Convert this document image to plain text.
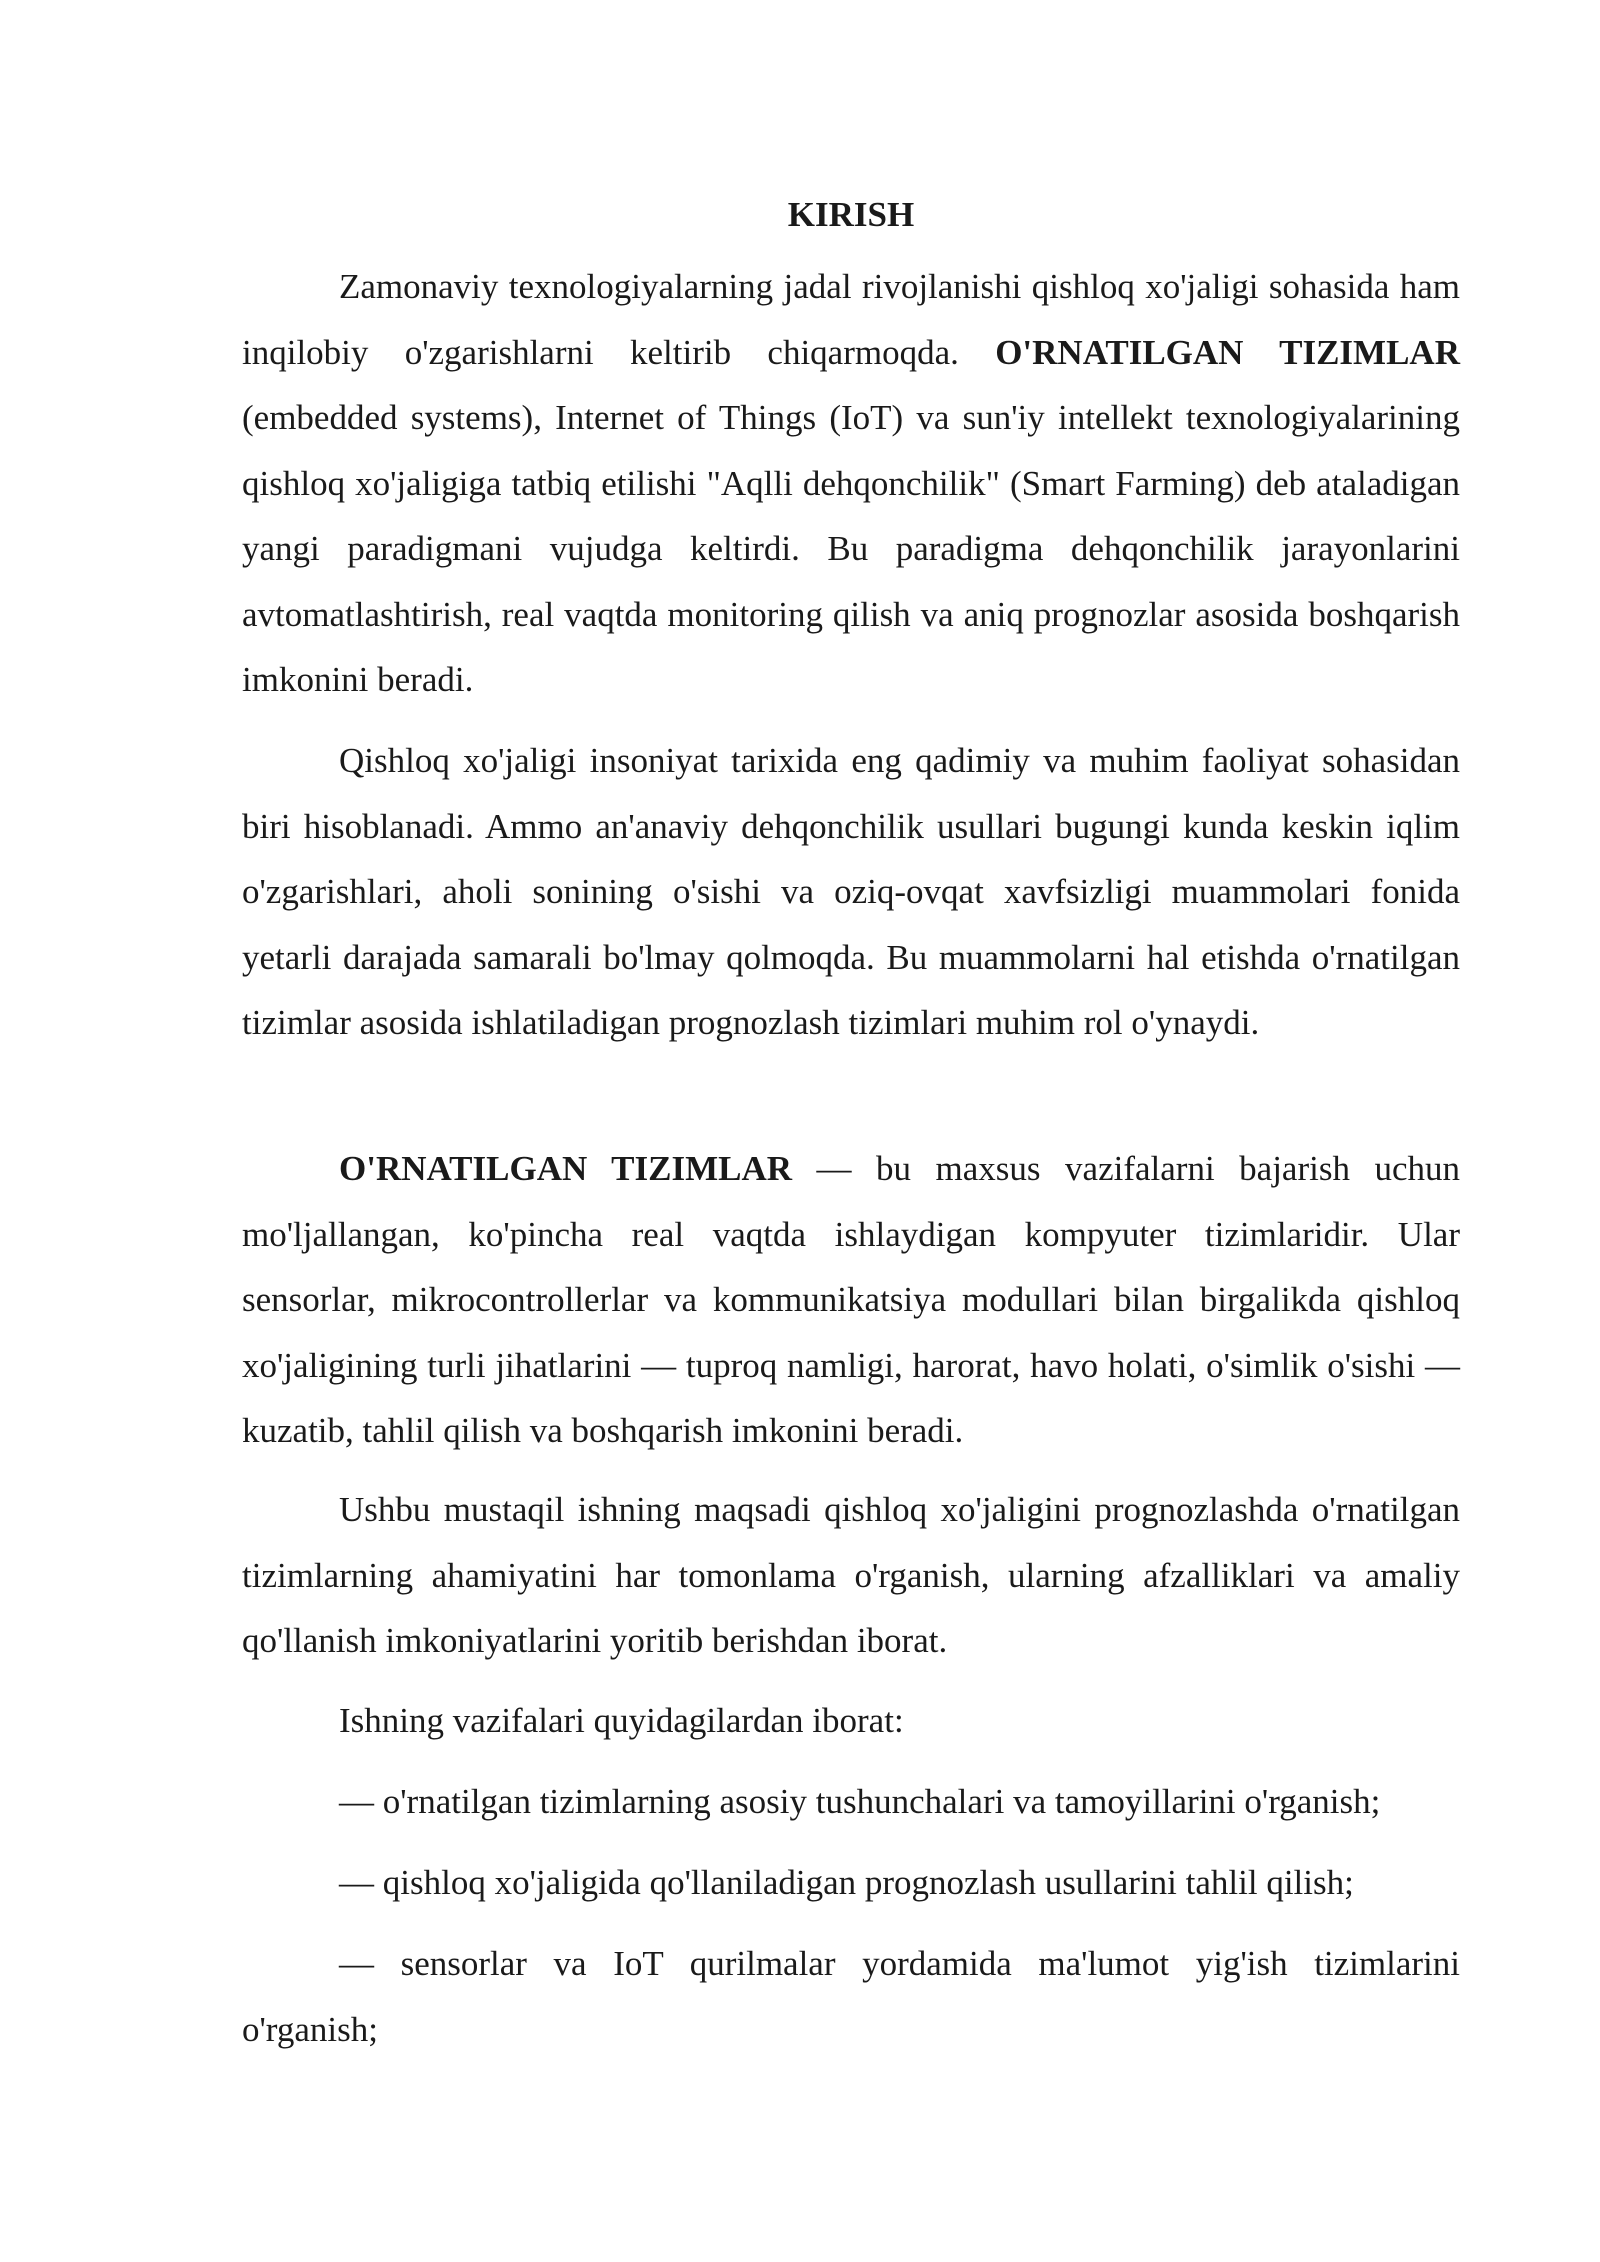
KIRISH

Zamonaviy texnologiyalarning jadal rivojlanishi qishloq xo'jaligi sohasida ham inqilobiy o'zgarishlarni keltirib chiqarmoqda. O'RNATILGAN TIZIMLAR (embedded systems), Internet of Things (IoT) va sun'iy intellekt texnologiyalarining qishloq xo'jaligiga tatbiq etilishi "Aqlli dehqonchilik" (Smart Farming) deb ataladigan yangi paradigmani vujudga keltirdi. Bu paradigma dehqonchilik jarayonlarini avtomatlashtirish, real vaqtda monitoring qilish va aniq prognozlar asosida boshqarish imkonini beradi.

Qishloq xo'jaligi insoniyat tarixida eng qadimiy va muhim faoliyat sohasidan biri hisoblanadi. Ammo an'anaviy dehqonchilik usullari bugungi kunda keskin iqlim o'zgarishlari, aholi sonining o'sishi va oziq-ovqat xavfsizligi muammolari fonida yetarli darajada samarali bo'lmay qolmoqda. Bu muammolarni hal etishda o'rnatilgan tizimlar asosida ishlatiladigan prognozlash tizimlari muhim rol o'ynaydi.

O'RNATILGAN TIZIMLAR — bu maxsus vazifalarni bajarish uchun mo'ljallangan, ko'pincha real vaqtda ishlaydigan kompyuter tizimlaridir. Ular sensorlar, mikrocontrollerlar va kommunikatsiya modullari bilan birgalikda qishloq xo'jaligining turli jihatlarini — tuproq namligi, harorat, havo holati, o'simlik o'sishi — kuzatib, tahlil qilish va boshqarish imkonini beradi.

Ushbu mustaqil ishning maqsadi qishloq xo'jaligini prognozlashda o'rnatilgan tizimlarning ahamiyatini har tomonlama o'rganish, ularning afzalliklari va amaliy qo'llanish imkoniyatlarini yoritib berishdan iborat.

Ishning vazifalari quyidagilardan iborat:

— o'rnatilgan tizimlarning asosiy tushunchalari va tamoyillarini o'rganish;

— qishloq xo'jaligida qo'llaniladigan prognozlash usullarini tahlil qilish;

— sensorlar va IoT qurilmalar yordamida ma'lumot yig'ish tizimlarini o'rganish;
